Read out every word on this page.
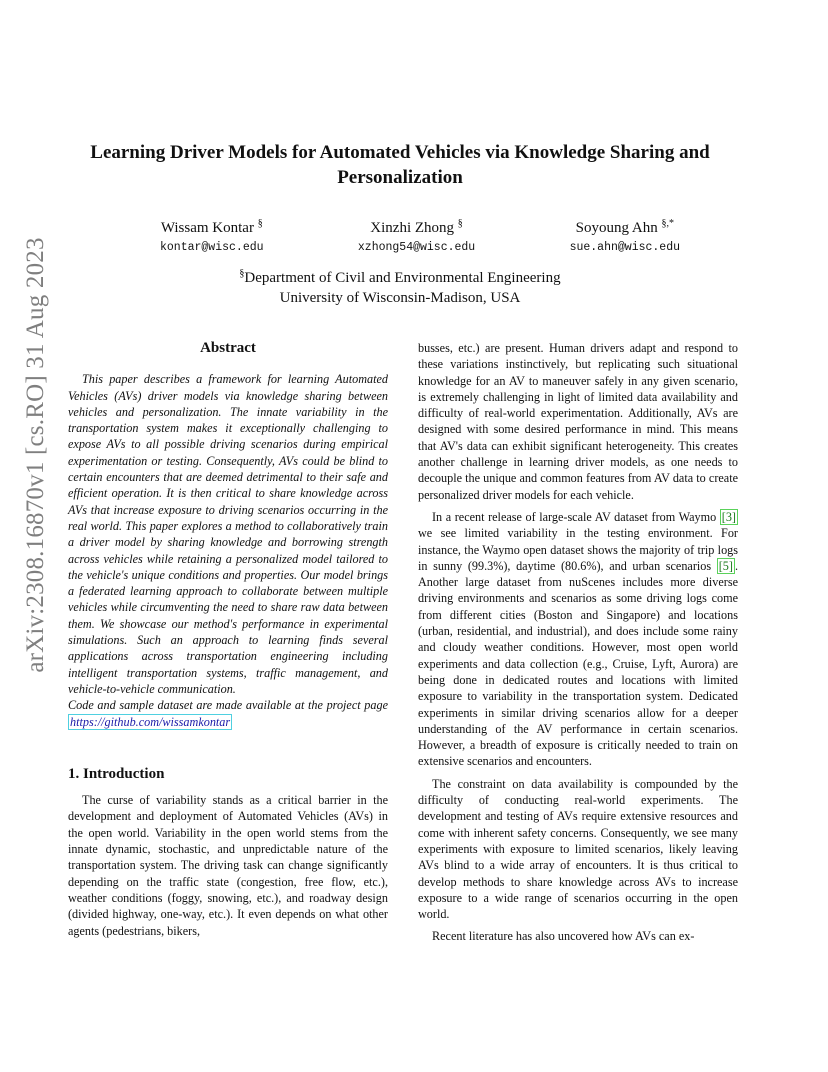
arXiv:2308.16870v1 [cs.RO] 31 Aug 2023
Learning Driver Models for Automated Vehicles via Knowledge Sharing and Personalization
Wissam Kontar §
kontar@wisc.edu
Xinzhi Zhong §
xzhong54@wisc.edu
Soyoung Ahn §,*
sue.ahn@wisc.edu
§Department of Civil and Environmental Engineering
University of Wisconsin-Madison, USA
Abstract

This paper describes a framework for learning Automated Vehicles (AVs) driver models via knowledge sharing between vehicles and personalization. The innate variability in the transportation system makes it exceptionally challenging to expose AVs to all possible driving scenarios during empirical experimentation or testing. Consequently, AVs could be blind to certain encounters that are deemed detrimental to their safe and efficient operation. It is then critical to share knowledge across AVs that increase exposure to driving scenarios occurring in the real world. This paper explores a method to collaboratively train a driver model by sharing knowledge and borrowing strength across vehicles while retaining a personalized model tailored to the vehicle's unique conditions and properties. Our model brings a federated learning approach to collaborate between multiple vehicles while circumventing the need to share raw data between them. We showcase our method's performance in experimental simulations. Such an approach to learning finds several applications across transportation engineering including intelligent transportation systems, traffic management, and vehicle-to-vehicle communication.

Code and sample dataset are made available at the project page https://github.com/wissamkontar

1. Introduction

The curse of variability stands as a critical barrier in the development and deployment of Automated Vehicles (AVs) in the open world. Variability in the open world stems from the innate dynamic, stochastic, and unpredictable nature of the transportation system. The driving task can change significantly depending on the traffic state (congestion, free flow, etc.), weather conditions (foggy, snowing, etc.), and roadway design (divided highway, one-way, etc.). It even depends on what other agents (pedestrians, bikers,

busses, etc.) are present. Human drivers adapt and respond to these variations instinctively, but replicating such situational knowledge for an AV to maneuver safely in any given scenario, is extremely challenging in light of limited data availability and difficulty of real-world experimentation. Additionally, AVs are designed with some desired performance in mind. This means that AV's data can exhibit significant heterogeneity. This creates another challenge in learning driver models, as one needs to decouple the unique and common features from AV data to create personalized driver models for each vehicle.

In a recent release of large-scale AV dataset from Waymo [3] we see limited variability in the testing environment. For instance, the Waymo open dataset shows the majority of trip logs in sunny (99.3%), daytime (80.6%), and urban scenarios [5] . Another large dataset from nuScenes includes more diverse driving environments and scenarios as some driving logs come from different cities (Boston and Singapore) and locations (urban, residential, and industrial), and does include some rainy and cloudy weather conditions. However, most open world experiments and data collection (e.g., Cruise, Lyft, Aurora) are being done in dedicated routes and locations with limited exposure to variability in the transportation system. Dedicated experiments in similar driving scenarios allow for a deeper understanding of the AV performance in certain scenarios. However, a breadth of exposure is critically needed to train on extensive scenarios and encounters.

The constraint on data availability is compounded by the difficulty of conducting real-world experiments. The development and testing of AVs require extensive resources and come with inherent safety concerns. Consequently, we see many experiments with exposure to limited scenarios, likely leaving AVs blind to a wide array of encounters. It is thus critical to develop methods to share knowledge across AVs to increase exposure to a wide range of scenarios occurring in the open world.

Recent literature has also uncovered how AVs can ex-
